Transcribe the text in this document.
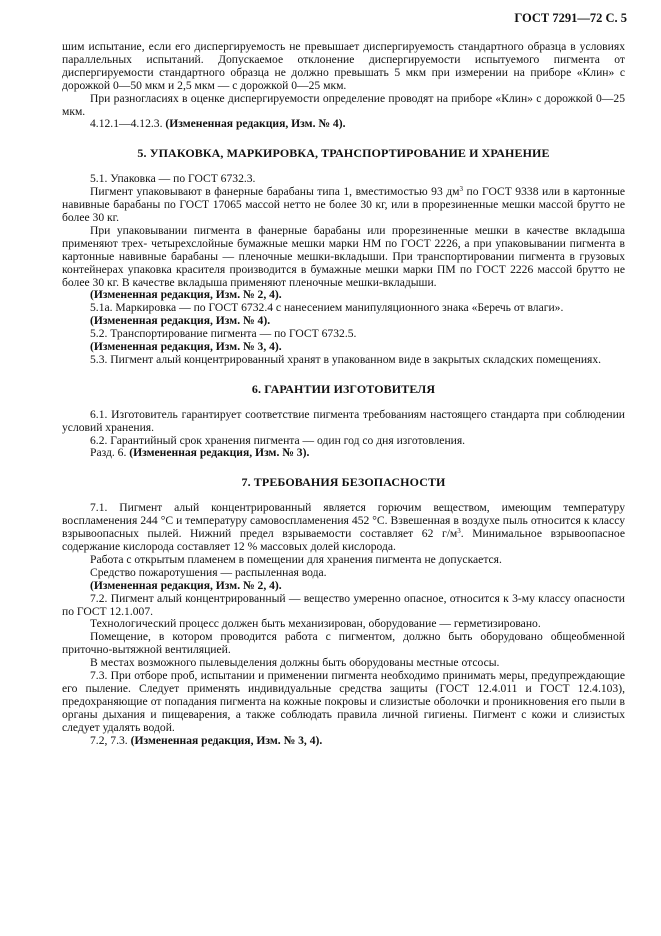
ГОСТ 7291—72 С. 5

шим испытание, если его диспергируемость не превышает диспергируемость стандартного образца в условиях параллельных испытаний. Допускаемое отклонение диспергируемости испытуемого пигмента от диспергируемости стандартного образца не должно превышать 5 мкм при измерении на приборе «Клин» с дорожкой 0—50 мкм и 2,5 мкм — с дорожкой 0—25 мкм.

При разногласиях в оценке диспергируемости определение проводят на приборе «Клин» с дорожкой 0—25 мкм.

4.12.1—4.12.3. (Измененная редакция, Изм. № 4).

5. УПАКОВКА, МАРКИРОВКА, ТРАНСПОРТИРОВАНИЕ И ХРАНЕНИЕ

5.1. Упаковка — по ГОСТ 6732.3.

Пигмент упаковывают в фанерные барабаны типа 1, вместимостью 93 $дм^3$ по ГОСТ 9338 или в картонные навивные барабаны по ГОСТ 17065 массой нетто не более 30 кг, или в прорезиненные мешки массой брутто не более 30 кг.

При упаковывании пигмента в фанерные барабаны или прорезиненные мешки в качестве вкладыша применяют трех- четырехслойные бумажные мешки марки НМ по ГОСТ 2226, а при упаковывании пигмента в картонные навивные барабаны — пленочные мешки-вкладыши. При транспортировании пигмента в грузовых контейнерах упаковка красителя производится в бумажные мешки марки ПМ по ГОСТ 2226 массой брутто не более 30 кг. В качестве вкладыша применяют пленочные мешки-вкладыши.

(Измененная редакция, Изм. № 2, 4).

5.1а. Маркировка — по ГОСТ 6732.4 с нанесением манипуляционного знака «Беречь от влаги».

(Измененная редакция, Изм. № 4).

5.2. Транспортирование пигмента — по ГОСТ 6732.5.

(Измененная редакция, Изм. № 3, 4).

5.3. Пигмент алый концентрированный хранят в упакованном виде в закрытых складских помещениях.

6. ГАРАНТИИ ИЗГОТОВИТЕЛЯ

6.1. Изготовитель гарантирует соответствие пигмента требованиям настоящего стандарта при соблюдении условий хранения.

6.2. Гарантийный срок хранения пигмента — один год со дня изготовления.

Разд. 6. (Измененная редакция, Изм. № 3).

7. ТРЕБОВАНИЯ БЕЗОПАСНОСТИ

7.1. Пигмент алый концентрированный является горючим веществом, имеющим температуру воспламенения 244 °С и температуру самовоспламенения 452 °С. Взвешенная в воздухе пыль относится к классу взрывоопасных пылей. Нижний предел взрываемости составляет 62 $г/м^3$. Минимальное взрывоопасное содержание кислорода составляет 12 % массовых долей кислорода.

Работа с открытым пламенем в помещении для хранения пигмента не допускается.

Средство пожаротушения — распыленная вода.

(Измененная редакция, Изм. № 2, 4).

7.2. Пигмент алый концентрированный — вещество умеренно опасное, относится к 3-му классу опасности по ГОСТ 12.1.007.

Технологический процесс должен быть механизирован, оборудование — герметизировано.

Помещение, в котором проводится работа с пигментом, должно быть оборудовано общеобменной приточно-вытяжной вентиляцией.

В местах возможного пылевыделения должны быть оборудованы местные отсосы.

7.3. При отборе проб, испытании и применении пигмента необходимо принимать меры, предупреждающие его пыление. Следует применять индивидуальные средства защиты (ГОСТ 12.4.011 и ГОСТ 12.4.103), предохраняющие от попадания пигмента на кожные покровы и слизистые оболочки и проникновения его пыли в органы дыхания и пищеварения, а также соблюдать правила личной гигиены. Пигмент с кожи и слизистых следует удалять водой.

7.2, 7.3. (Измененная редакция, Изм. № 3, 4).
